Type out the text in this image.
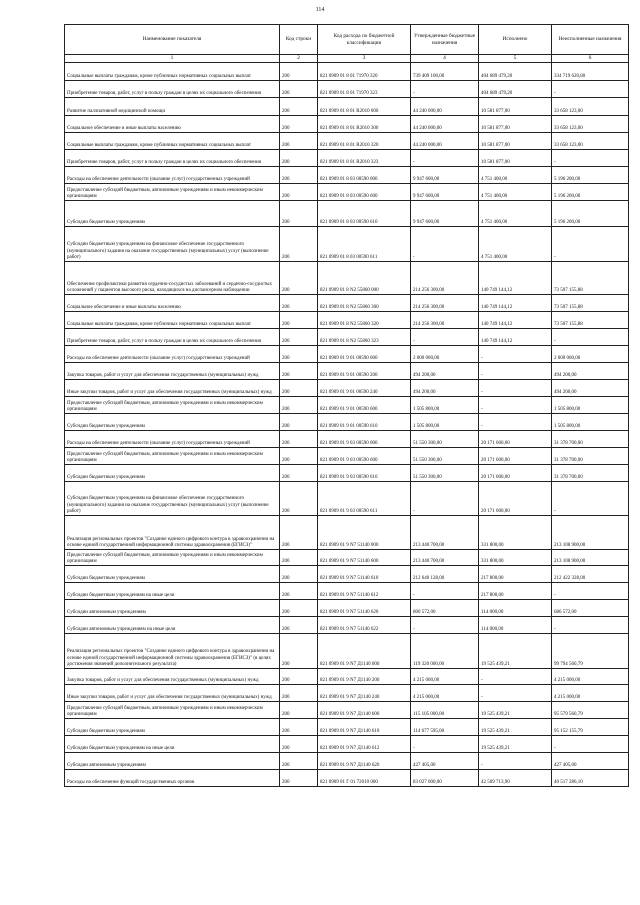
114
Наименование показателя	Код строки	Код расхода по бюджетной классификации	Утвержденные бюджетные назначения	Исполнено	Неисполненные назначения
1	2	3	4	5	6
Социальные выплаты гражданам, кроме публичных нормативных социальных выплат	200	821 0909 01 8 01 71970 320	739 409 100,00	404 689 479,20	334 719 620,80
Приобретение товаров, работ, услуг в пользу граждан в целях их социального обеспечения	200	821 0909 01 8 01 71970 323	-	404 689 479,20	-
Развитие паллиативной медицинской помощи	200	821 0909 01 8 01 R2010 000	44 240 000,00	10 581 877,00	33 658 123,00
Социальное обеспечение и иные выплаты населению	200	821 0909 01 8 01 R2010 300	44 240 000,00	10 581 877,00	33 658 123,00
Социальные выплаты гражданам, кроме публичных нормативных социальных выплат	200	821 0909 01 8 01 R2010 320	44 240 000,00	10 581 877,00	33 658 123,00
Приобретение товаров, работ, услуг в пользу граждан в целях их социального обеспечения	200	821 0909 01 8 01 R2010 323	-	10 581 877,00	-
Расходы на обеспечение деятельности (оказание услуг) государственных учреждений	200	821 0909 01 8 03 00590 000	9 947 600,00	4 751 400,00	5 196 200,00
Предоставление субсидий бюджетным, автономным учреждениям и иным некоммерческим организациям	200	821 0909 01 8 03 00590 600	9 947 600,00	4 751 400,00	5 196 200,00
Субсидии бюджетным учреждениям	200	821 0909 01 8 03 00590 610	9 947 600,00	4 751 400,00	5 196 200,00
Субсидии бюджетным учреждениям на финансовое обеспечение государственного (муниципального) задания на оказание государственных (муниципальных) услуг (выполнение работ)	200	821 0909 01 8 03 00590 611	-	4 751 400,00	-
Обеспечение профилактики развития сердечно-сосудистых заболеваний и сердечно-сосудистых осложнений у пациентов высокого риска, находящихся на диспансерном наблюдении	200	821 0909 01 8 N2 55860 000	214 256 300,00	140 749 144,12	73 507 155,88
Социальное обеспечение и иные выплаты населению	200	821 0909 01 8 N2 55860 300	214 256 300,00	140 749 144,12	73 507 155,88
Социальные выплаты гражданам, кроме публичных нормативных социальных выплат	200	821 0909 01 8 N2 55860 320	214 256 300,00	140 749 144,12	73 507 155,88
Приобретение товаров, работ, услуг в пользу граждан в целях их социального обеспечения	200	821 0909 01 8 N2 55860 323	-	140 749 144,12	-
Расходы на обеспечение деятельности (оказание услуг) государственных учреждений	200	821 0909 01 9 01 00590 000	2 000 000,00	-	2 000 000,00
Закупка товаров, работ и услуг для обеспечения государственных (муниципальных) нужд	200	821 0909 01 9 01 00590 200	494 200,00	-	494 200,00
Иные закупки товаров, работ и услуг для обеспечения государственных (муниципальных) нужд	200	821 0909 01 9 01 00590 240	494 200,00	-	494 200,00
Предоставление субсидий бюджетным, автономным учреждениям и иным некоммерческим организациям	200	821 0909 01 9 01 00590 600	1 505 800,00	-	1 505 800,00
Субсидии бюджетным учреждениям	200	821 0909 01 9 01 00590 610	1 505 800,00	-	1 505 800,00
Расходы на обеспечение деятельности (оказание услуг) государственных учреждений	200	821 0909 01 9 03 00590 000	51 550 300,00	20 171 600,00	31 378 700,00
Предоставление субсидий бюджетным, автономным учреждениям и иным некоммерческим организациям	200	821 0909 01 9 03 00590 600	51 550 300,00	20 171 600,00	31 378 700,00
Субсидии бюджетным учреждениям	200	821 0909 01 9 03 00590 610	51 550 300,00	20 171 600,00	31 378 700,00
Субсидии бюджетным учреждениям на финансовое обеспечение государственного (муниципального) задания на оказание государственных (муниципальных) услуг (выполнение работ)	200	821 0909 01 9 03 00590 611	-	20 171 600,00	-
Реализация региональных проектов "Создание единого цифрового контура в здравоохранении на основе единой государственной информационной системы здравоохранения (ЕГИСЗ)"	200	821 0909 01 9 N7 51140 000	213 440 700,00	331 800,00	213 108 900,00
Предоставление субсидий бюджетным, автономным учреждениям и иным некоммерческим организациям	200	821 0909 01 9 N7 51140 600	213 440 700,00	331 800,00	213 108 900,00
Субсидии бюджетным учреждениям	200	821 0909 01 9 N7 51140 610	212 640 128,00	217 800,00	212 422 328,00
Субсидии бюджетным учреждениям на иные цели	200	821 0909 01 9 N7 51140 612	-	217 800,00	-
Субсидии автономным учреждениям	200	821 0909 01 9 N7 51140 620	800 572,00	114 000,00	686 572,00
Субсидии автономным учреждениям на иные цели	200	821 0909 01 9 N7 51140 622	-	114 000,00	-
Реализация региональных проектов "Создание единого цифрового контура в здравоохранении на основе единой государственной информационной системы здравоохранения (ЕГИСЗ)" (в целях достижения значений дополнительного результата)	200	821 0909 01 9 N7 Д1140 000	119 320 000,00	19 525 439,21	99 794 560,79
Закупка товаров, работ и услуг для обеспечения государственных (муниципальных) нужд	200	821 0909 01 9 N7 Д1140 200	4 215 000,00	-	4 215 000,00
Иные закупки товаров, работ и услуг для обеспечения государственных (муниципальных) нужд	200	821 0909 01 9 N7 Д1140 240	4 215 000,00	-	4 215 000,00
Предоставление субсидий бюджетным, автономным учреждениям и иным некоммерческим организациям	200	821 0909 01 9 N7 Д1140 600	115 105 000,00	19 525 439,21	95 579 560,79
Субсидии бюджетным учреждениям	200	821 0909 01 9 N7 Д1140 610	114 677 595,00	19 525 439,21	95 152 155,79
Субсидии бюджетным учреждениям на иные цели	200	821 0909 01 9 N7 Д1140 612	-	19 525 439,21	-
Субсидии автономным учреждениям	200	821 0909 01 9 N7 Д1140 620	427 405,00	-	427 405,00
Расходы на обеспечение функций государственных органов	200	821 0909 01 Г 01 72010 000	83 027 000,00	42 509 713,90	40 517 286,10
